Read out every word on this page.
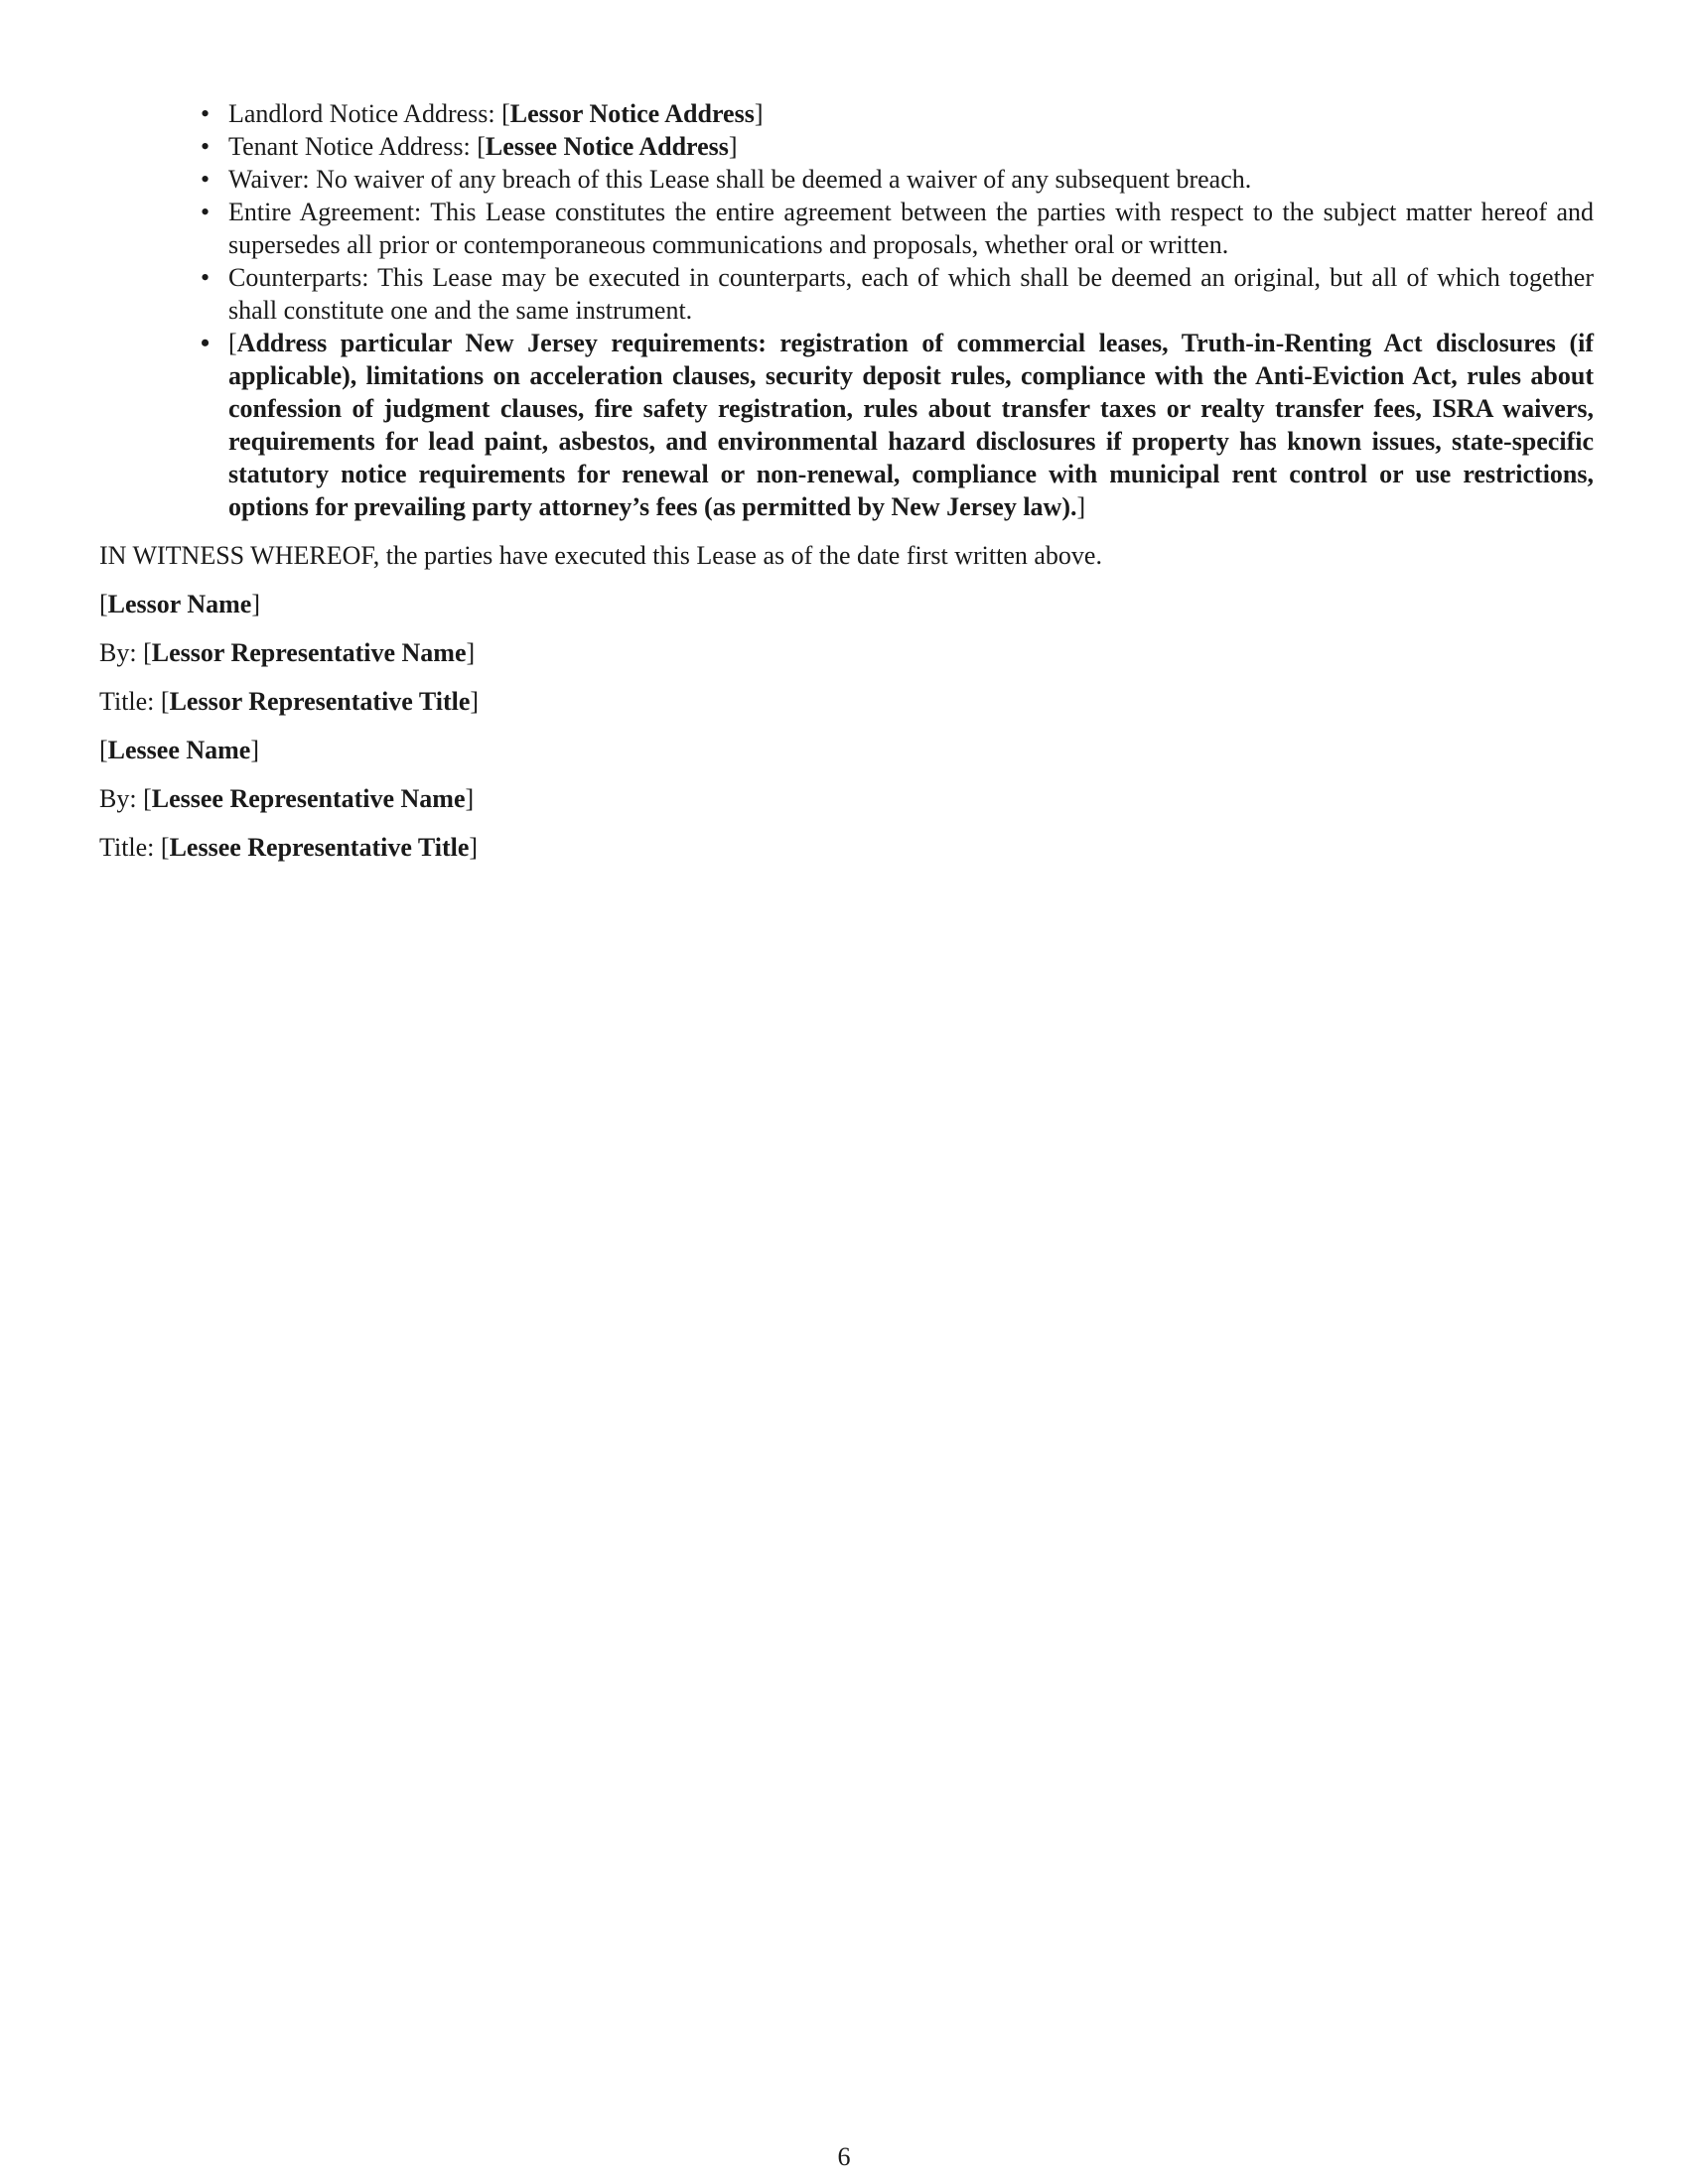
• Landlord Notice Address: [Lessor Notice Address]
• Tenant Notice Address: [Lessee Notice Address]
• Waiver: No waiver of any breach of this Lease shall be deemed a waiver of any subsequent breach.
• Entire Agreement: This Lease constitutes the entire agreement between the parties with respect to the subject matter hereof and supersedes all prior or contemporaneous communications and proposals, whether oral or written.
• Counterparts: This Lease may be executed in counterparts, each of which shall be deemed an original, but all of which together shall constitute one and the same instrument.
• [Address particular New Jersey requirements: registration of commercial leases, Truth-in-Renting Act disclosures (if applicable), limitations on acceleration clauses, security deposit rules, compliance with the Anti-Eviction Act, rules about confession of judgment clauses, fire safety registration, rules about transfer taxes or realty transfer fees, ISRA waivers, requirements for lead paint, asbestos, and environmental hazard disclosures if property has known issues, state-specific statutory notice requirements for renewal or non-renewal, compliance with municipal rent control or use restrictions, options for prevailing party attorney’s fees (as permitted by New Jersey law).]

IN WITNESS WHEREOF, the parties have executed this Lease as of the date first written above.

[Lessor Name]

By: [Lessor Representative Name]

Title: [Lessor Representative Title]

[Lessee Name]

By: [Lessee Representative Name]

Title: [Lessee Representative Title]

6
